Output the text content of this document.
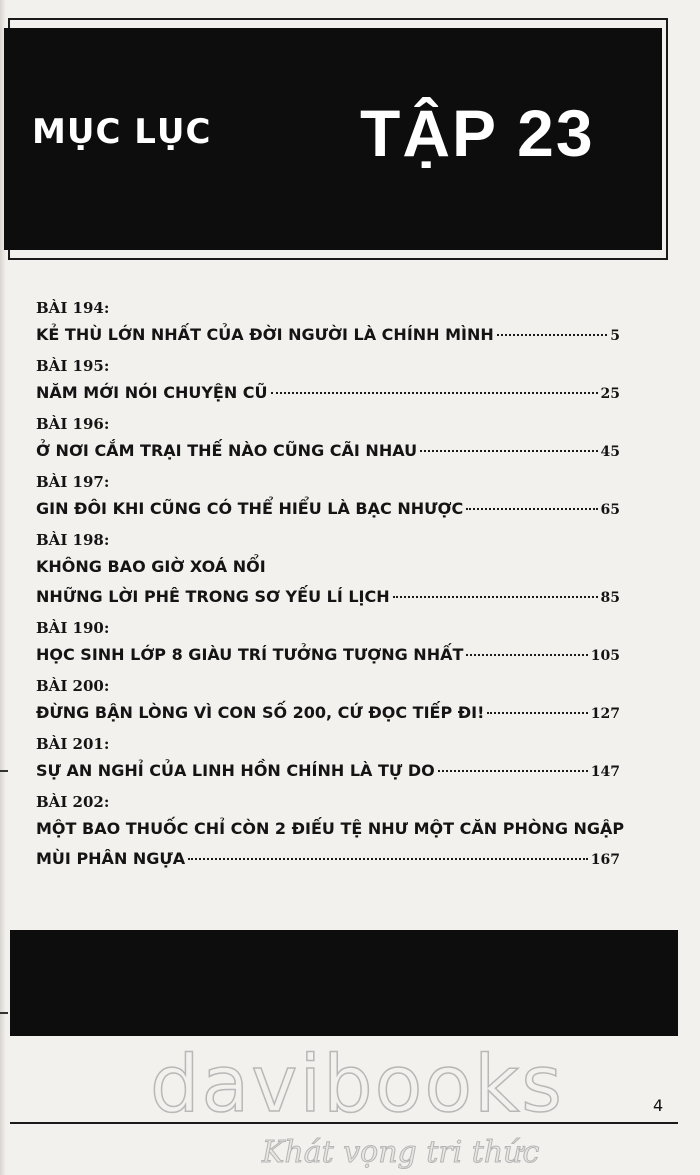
MỤC LỤC TẬP 23
BÀI 194:
KẺ THÙ LỚN NHẤT CỦA ĐỜI NGƯỜI LÀ CHÍNH MÌNH	5
BÀI 195:
NĂM MỚI NÓI CHUYỆN CŨ	25
BÀI 196:
Ở NƠI CẮM TRẠI THẾ NÀO CŨNG CÃI NHAU	45
BÀI 197:
GIN ĐÔI KHI CŨNG CÓ THỂ HIỂU LÀ BẠC NHƯỢC	65
BÀI 198:
KHÔNG BAO GIỜ XOÁ NỔI
NHỮNG LỜI PHÊ TRONG SƠ YẾU LÍ LỊCH	85
BÀI 190:
HỌC SINH LỚP 8 GIÀU TRÍ TƯỞNG TƯỢNG NHẤT	105
BÀI 200:
ĐỪNG BẬN LÒNG VÌ CON SỐ 200, CỨ ĐỌC TIẾP ĐI!	127
BÀI 201:
SỰ AN NGHỈ CỦA LINH HỒN CHÍNH LÀ TỰ DO	147
BÀI 202:
MỘT BAO THUỐC CHỈ CÒN 2 ĐIẾU TỆ NHƯ MỘT CĂN PHÒNG NGẬP
MÙI PHÂN NGỰA	167
davibooks	4
Khát vọng tri thức
